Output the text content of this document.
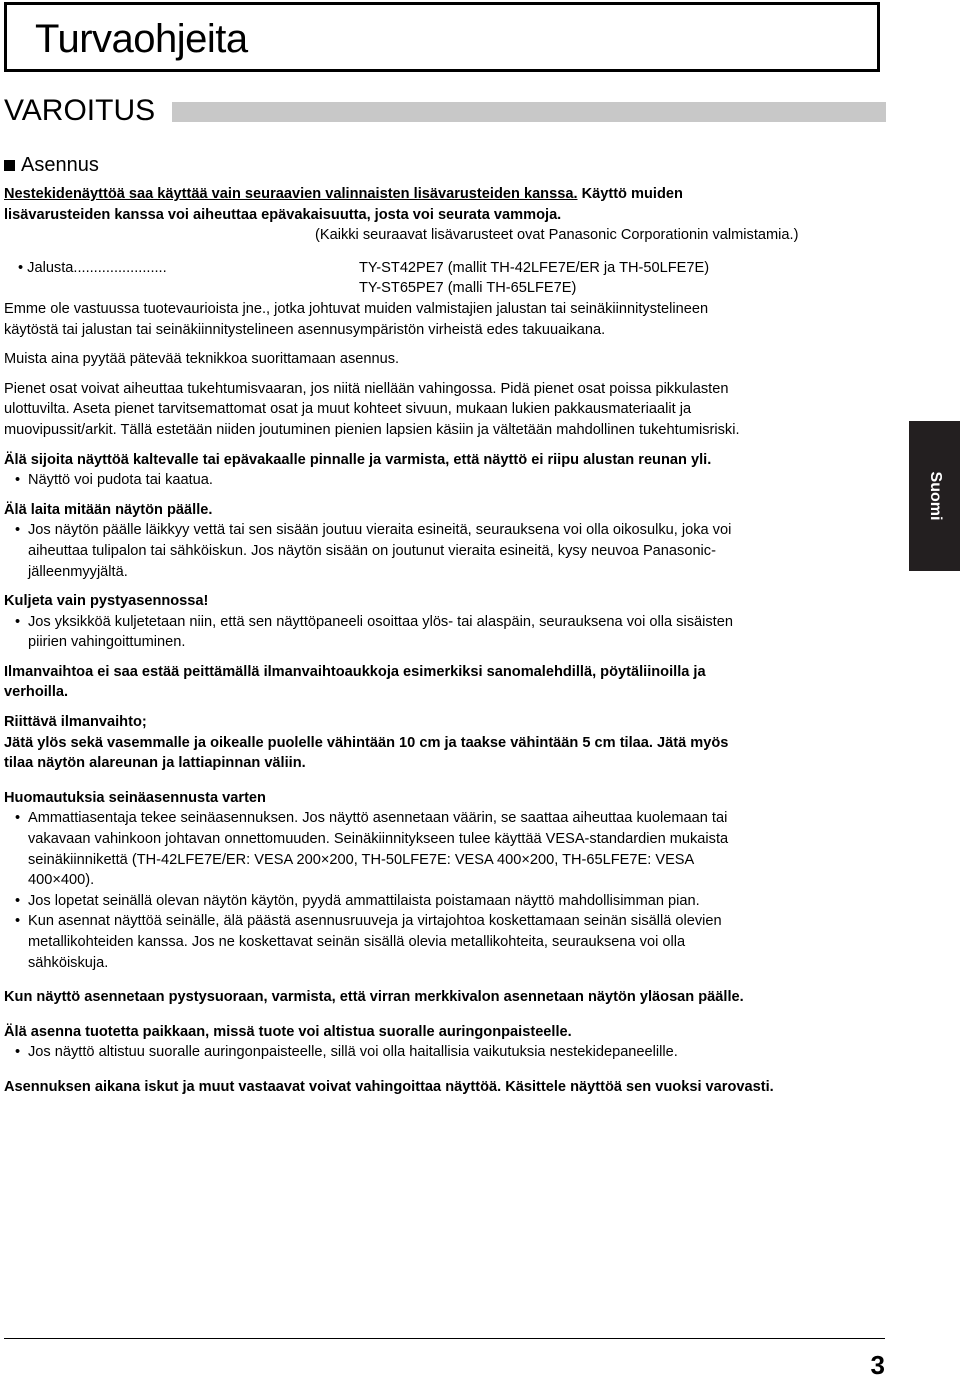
Turvaohjeita
VAROITUS
Asennus

Nestekidenäyttöä saa käyttää vain seuraavien valinnaisten lisävarusteiden kanssa. Käyttö muiden

lisävarusteiden kanssa voi aiheuttaa epävakaisuutta, josta voi seurata vammoja.

(Kaikki seuraavat lisävarusteet ovat Panasonic Corporationin valmistamia.)

• Jalusta.......................	TY-ST42PE7 (mallit TH-42LFE7E/ER ja TH-50LFE7E)

TY-ST65PE7 (malli TH-65LFE7E)

Emme ole vastuussa tuotevaurioista jne., jotka johtuvat muiden valmistajien jalustan tai seinäkiinnitystelineen

käytöstä tai jalustan tai seinäkiinnitystelineen asennusympäristön virheistä edes takuuaikana.

Muista aina pyytää pätevää teknikkoa suorittamaan asennus.

Pienet osat voivat aiheuttaa tukehtumisvaaran, jos niitä niellään vahingossa. Pidä pienet osat poissa pikkulasten

ulottuvilta. Aseta pienet tarvitsemattomat osat ja muut kohteet sivuun, mukaan lukien pakkausmateriaalit ja

muovipussit/arkit. Tällä estetään niiden joutuminen pienien lapsien käsiin ja vältetään mahdollinen tukehtumisriski.

Älä sijoita näyttöä kaltevalle tai epävakaalle pinnalle ja varmista, että näyttö ei riipu alustan reunan yli.

• Näyttö voi pudota tai kaatua.

Älä laita mitään näytön päälle.

• Jos näytön päälle läikkyy vettä tai sen sisään joutuu vieraita esineitä, seurauksena voi olla oikosulku, joka voi
aiheuttaa tulipalon tai sähköiskun. Jos näytön sisään on joutunut vieraita esineitä, kysy neuvoa Panasonic-
jälleenmyyjältä.

Kuljeta vain pystyasennossa!

• Jos yksikköä kuljetetaan niin, että sen näyttöpaneeli osoittaa ylös- tai alaspäin, seurauksena voi olla sisäisten
piirien vahingoittuminen.

Ilmanvaihtoa ei saa estää peittämällä ilmanvaihtoaukkoja esimerkiksi sanomalehdillä, pöytäliinoilla ja
verhoilla.

Riittävä ilmanvaihto;
Jätä ylös sekä vasemmalle ja oikealle puolelle vähintään 10 cm ja taakse vähintään 5 cm tilaa. Jätä myös
tilaa näytön alareunan ja lattiapinnan väliin.

Huomautuksia seinäasennusta varten

• Ammattiasentaja tekee seinäasennuksen. Jos näyttö asennetaan väärin, se saattaa aiheuttaa kuolemaan tai
vakavaan vahinkoon johtavan onnettomuuden. Seinäkiinnitykseen tulee käyttää VESA-standardien mukaista
seinäkiinnikettä (TH-42LFE7E/ER: VESA 200×200, TH-50LFE7E: VESA 400×200, TH-65LFE7E: VESA
400×400).

• Jos lopetat seinällä olevan näytön käytön, pyydä ammattilaista poistamaan näyttö mahdollisimman pian.

• Kun asennat näyttöä seinälle, älä päästä asennusruuveja ja virtajohtoa koskettamaan seinän sisällä olevien
metallikohteiden kanssa. Jos ne koskettavat seinän sisällä olevia metallikohteita, seurauksena voi olla
sähköiskuja.

Kun näyttö asennetaan pystysuoraan, varmista, että virran merkkivalon asennetaan näytön yläosan päälle.

Älä asenna tuotetta paikkaan, missä tuote voi altistua suoralle auringonpaisteelle.

• Jos näyttö altistuu suoralle auringonpaisteelle, sillä voi olla haitallisia vaikutuksia nestekidepaneelille.

Asennuksen aikana iskut ja muut vastaavat voivat vahingoittaa näyttöä. Käsittele näyttöä sen vuoksi varovasti.

Suomi
3
